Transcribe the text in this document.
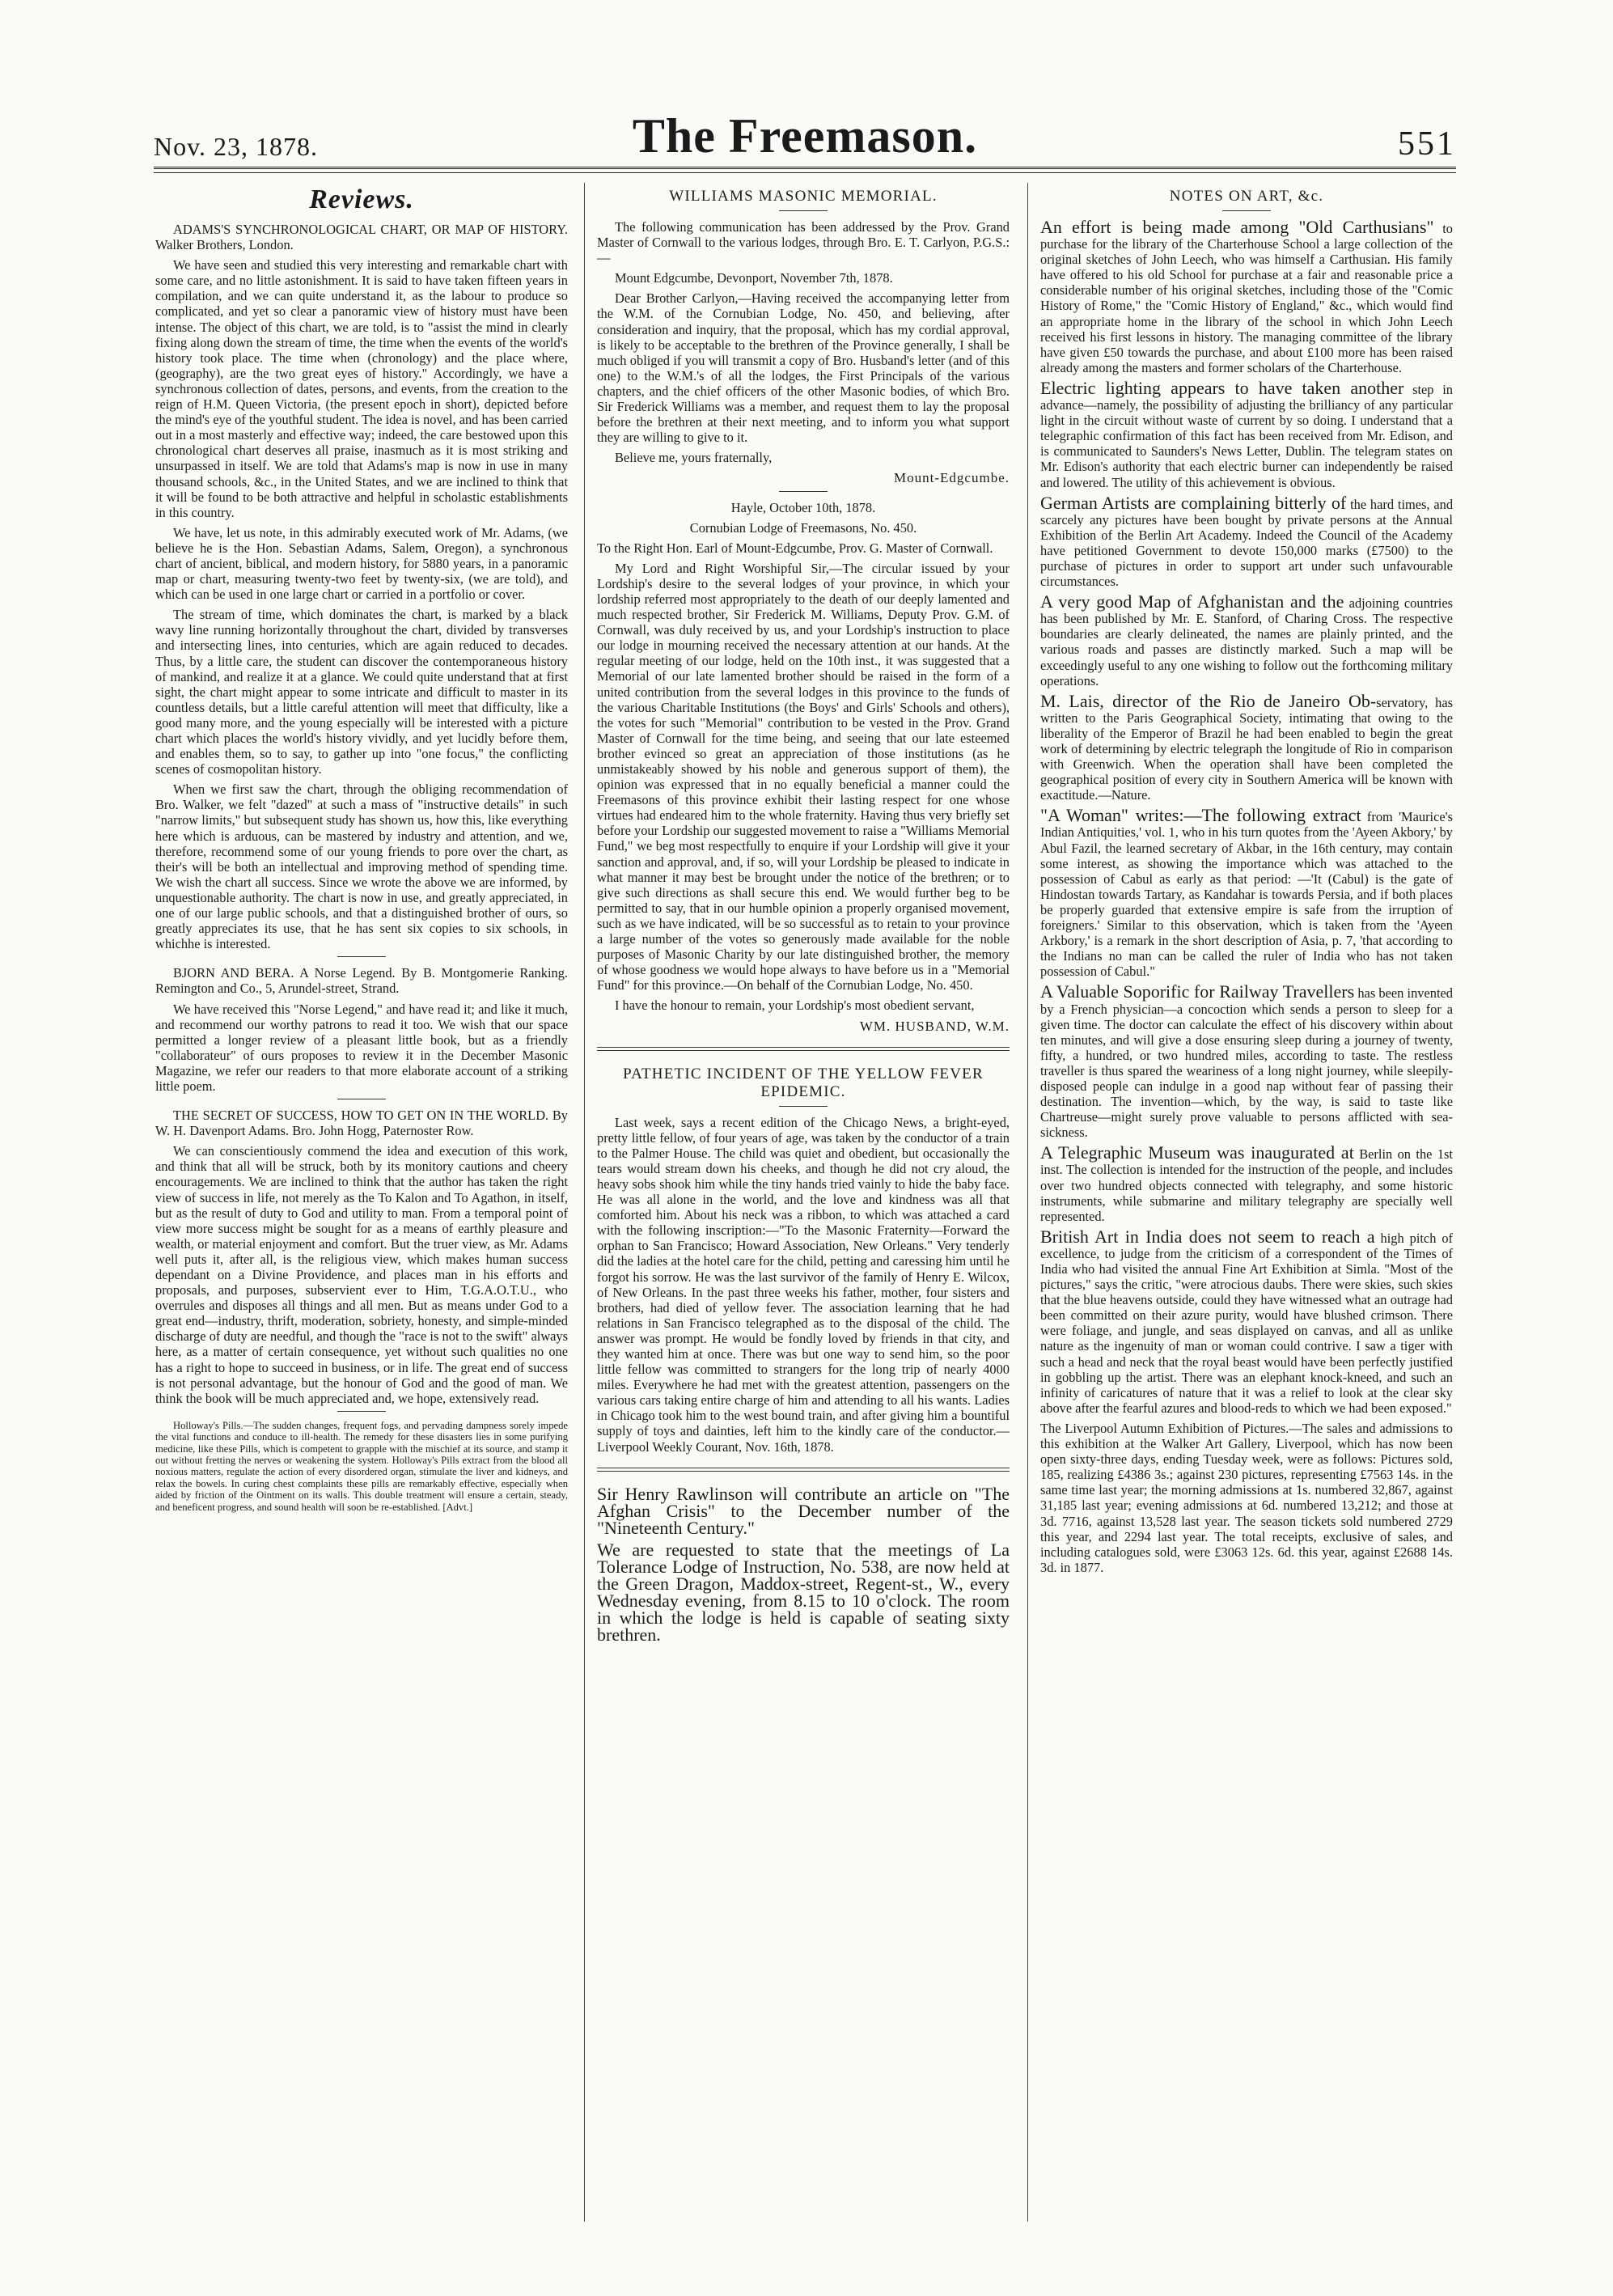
Nov. 23, 1878.	The Freemason.	551
Reviews.

ADAMS'S SYNCHRONOLOGICAL CHART, OR MAP OF HISTORY. Walker Brothers, London.

We have seen and studied this very interesting and remarkable chart with some care, and no little astonishment. It is said to have taken fifteen years in compilation, and we can quite understand it, as the labour to produce so complicated, and yet so clear a panoramic view of history must have been intense. The object of this chart, we are told, is to "assist the mind in clearly fixing along down the stream of time, the time when the events of the world's history took place. The time when (chronology) and the place where, (geography), are the two great eyes of history." Accordingly, we have a synchronous collection of dates, persons, and events, from the creation to the reign of H.M. Queen Victoria, (the present epoch in short), depicted before the mind's eye of the youthful student. The idea is novel, and has been carried out in a most masterly and effective way; indeed, the care bestowed upon this chronological chart deserves all praise, inasmuch as it is most striking and unsurpassed in itself. We are told that Adams's map is now in use in many thousand schools, &c., in the United States, and we are inclined to think that it will be found to be both attractive and helpful in scholastic establishments in this country.

We have, let us note, in this admirably executed work of Mr. Adams, (we believe he is the Hon. Sebastian Adams, Salem, Oregon), a synchronous chart of ancient, biblical, and modern history, for 5880 years, in a panoramic map or chart, measuring twenty-two feet by twenty-six, (we are told), and which can be used in one large chart or carried in a portfolio or cover.

The stream of time, which dominates the chart, is marked by a black wavy line running horizontally throughout the chart, divided by transverses and intersecting lines, into centuries, which are again reduced to decades. Thus, by a little care, the student can discover the contemporaneous history of mankind, and realize it at a glance. We could quite understand that at first sight, the chart might appear to some intricate and difficult to master in its countless details, but a little careful attention will meet that difficulty, like a good many more, and the young especially will be interested with a picture chart which places the world's history vividly, and yet lucidly before them, and enables them, so to say, to gather up into "one focus," the conflicting scenes of cosmopolitan history.

When we first saw the chart, through the obliging recommendation of Bro. Walker, we felt "dazed" at such a mass of "instructive details" in such "narrow limits," but subsequent study has shown us, how this, like everything here which is arduous, can be mastered by industry and attention, and we, therefore, recommend some of our young friends to pore over the chart, as their's will be both an intellectual and improving method of spending time. We wish the chart all success. Since we wrote the above we are informed, by unquestionable authority. The chart is now in use, and greatly appreciated, in one of our large public schools, and that a distinguished brother of ours, so greatly appreciates its use, that he has sent six copies to six schools, in whichhe is interested.

BJORN AND BERA. A Norse Legend. By B. Montgomerie Ranking. Remington and Co., 5, Arundel-street, Strand.

We have received this "Norse Legend," and have read it; and like it much, and recommend our worthy patrons to read it too. We wish that our space permitted a longer review of a pleasant little book, but as a friendly "collaborateur" of ours proposes to review it in the December Masonic Magazine, we refer our readers to that more elaborate account of a striking little poem.

THE SECRET OF SUCCESS, HOW TO GET ON IN THE WORLD. By W. H. Davenport Adams. Bro. John Hogg, Paternoster Row.

We can conscientiously commend the idea and execution of this work, and think that all will be struck, both by its monitory cautions and cheery encouragements. We are inclined to think that the author has taken the right view of success in life, not merely as the To Kalon and To Agathon, in itself, but as the result of duty to God and utility to man. From a temporal point of view more success might be sought for as a means of earthly pleasure and wealth, or material enjoyment and comfort. But the truer view, as Mr. Adams well puts it, after all, is the religious view, which makes human success dependant on a Divine Providence, and places man in his efforts and proposals, and purposes, subservient ever to Him, T.G.A.O.T.U., who overrules and disposes all things and all men. But as means under God to a great end—industry, thrift, moderation, sobriety, honesty, and simple-minded discharge of duty are needful, and though the "race is not to the swift" always here, as a matter of certain consequence, yet without such qualities no one has a right to hope to succeed in business, or in life. The great end of success is not personal advantage, but the honour of God and the good of man. We think the book will be much appreciated and, we hope, extensively read.

Holloway's Pills.—The sudden changes, frequent fogs, and pervading dampness sorely impede the vital functions and conduce to ill-health. The remedy for these disasters lies in some purifying medicine, like these Pills, which is competent to grapple with the mischief at its source, and stamp it out without fretting the nerves or weakening the system. Holloway's Pills extract from the blood all noxious matters, regulate the action of every disordered organ, stimulate the liver and kidneys, and relax the bowels. In curing chest complaints these pills are remarkably effective, especially when aided by friction of the Ointment on its walls. This double treatment will ensure a certain, steady, and beneficent progress, and sound health will soon be re-established. [Advt.]

WILLIAMS MASONIC MEMORIAL.

The following communication has been addressed by the Prov. Grand Master of Cornwall to the various lodges, through Bro. E. T. Carlyon, P.G.S.:—

Mount Edgcumbe, Devonport, November 7th, 1878.

Dear Brother Carlyon,—Having received the accompanying letter from the W.M. of the Cornubian Lodge, No. 450, and believing, after consideration and inquiry, that the proposal, which has my cordial approval, is likely to be acceptable to the brethren of the Province generally, I shall be much obliged if you will transmit a copy of Bro. Husband's letter (and of this one) to the W.M.'s of all the lodges, the First Principals of the various chapters, and the chief officers of the other Masonic bodies, of which Bro. Sir Frederick Williams was a member, and request them to lay the proposal before the brethren at their next meeting, and to inform you what support they are willing to give to it.

Believe me, yours fraternally,

Mount-Edgcumbe.

Hayle, October 10th, 1878.

Cornubian Lodge of Freemasons, No. 450.

To the Right Hon. Earl of Mount-Edgcumbe, Prov. G. Master of Cornwall.

My Lord and Right Worshipful Sir,—The circular issued by your Lordship's desire to the several lodges of your province, in which your lordship referred most appropriately to the death of our deeply lamented and much respected brother, Sir Frederick M. Williams, Deputy Prov. G.M. of Cornwall, was duly received by us, and your Lordship's instruction to place our lodge in mourning received the necessary attention at our hands. At the regular meeting of our lodge, held on the 10th inst., it was suggested that a Memorial of our late lamented brother should be raised in the form of a united contribution from the several lodges in this province to the funds of the various Charitable Institutions (the Boys' and Girls' Schools and others), the votes for such "Memorial" contribution to be vested in the Prov. Grand Master of Cornwall for the time being, and seeing that our late esteemed brother evinced so great an appreciation of those institutions (as he unmistakeably showed by his noble and generous support of them), the opinion was expressed that in no equally beneficial a manner could the Freemasons of this province exhibit their lasting respect for one whose virtues had endeared him to the whole fraternity. Having thus very briefly set before your Lordship our suggested movement to raise a "Williams Memorial Fund," we beg most respectfully to enquire if your Lordship will give it your sanction and approval, and, if so, will your Lordship be pleased to indicate in what manner it may best be brought under the notice of the brethren; or to give such directions as shall secure this end. We would further beg to be permitted to say, that in our humble opinion a properly organised movement, such as we have indicated, will be so successful as to retain to your province a large number of the votes so generously made available for the noble purposes of Masonic Charity by our late distinguished brother, the memory of whose goodness we would hope always to have before us in a "Memorial Fund" for this province.—On behalf of the Cornubian Lodge, No. 450.

I have the honour to remain, your Lordship's most obedient servant,

WM. HUSBAND, W.M.

PATHETIC INCIDENT OF THE YELLOW FEVER EPIDEMIC.

Last week, says a recent edition of the Chicago News, a bright-eyed, pretty little fellow, of four years of age, was taken by the conductor of a train to the Palmer House. The child was quiet and obedient, but occasionally the tears would stream down his cheeks, and though he did not cry aloud, the heavy sobs shook him while the tiny hands tried vainly to hide the baby face. He was all alone in the world, and the love and kindness was all that comforted him. About his neck was a ribbon, to which was attached a card with the following inscription:—"To the Masonic Fraternity—Forward the orphan to San Francisco; Howard Association, New Orleans." Very tenderly did the ladies at the hotel care for the child, petting and caressing him until he forgot his sorrow. He was the last survivor of the family of Henry E. Wilcox, of New Orleans. In the past three weeks his father, mother, four sisters and brothers, had died of yellow fever. The association learning that he had relations in San Francisco telegraphed as to the disposal of the child. The answer was prompt. He would be fondly loved by friends in that city, and they wanted him at once. There was but one way to send him, so the poor little fellow was committed to strangers for the long trip of nearly 4000 miles. Everywhere he had met with the greatest attention, passengers on the various cars taking entire charge of him and attending to all his wants. Ladies in Chicago took him to the west bound train, and after giving him a bountiful supply of toys and dainties, left him to the kindly care of the conductor.—Liverpool Weekly Courant, Nov. 16th, 1878.

Sir Henry Rawlinson will contribute an article on "The Afghan Crisis" to the December number of the "Nineteenth Century."

We are requested to state that the meetings of La Tolerance Lodge of Instruction, No. 538, are now held at the Green Dragon, Maddox-street, Regent-st., W., every Wednesday evening, from 8.15 to 10 o'clock. The room in which the lodge is held is capable of seating sixty brethren.

NOTES ON ART, &c.

An effort is being made among "Old Carthusians" to purchase for the library of the Charterhouse School a large collection of the original sketches of John Leech, who was himself a Carthusian. His family have offered to his old School for purchase at a fair and reasonable price a considerable number of his original sketches, including those of the "Comic History of Rome," the "Comic History of England," &c., which would find an appropriate home in the library of the school in which John Leech received his first lessons in history. The managing committee of the library have given £50 towards the purchase, and about £100 more has been raised already among the masters and former scholars of the Charterhouse.

Electric lighting appears to have taken another step in advance—namely, the possibility of adjusting the brilliancy of any particular light in the circuit without waste of current by so doing. I understand that a telegraphic confirmation of this fact has been received from Mr. Edison, and is communicated to Saunders's News Letter, Dublin. The telegram states on Mr. Edison's authority that each electric burner can independently be raised and lowered. The utility of this achievement is obvious.

German Artists are complaining bitterly of the hard times, and scarcely any pictures have been bought by private persons at the Annual Exhibition of the Berlin Art Academy. Indeed the Council of the Academy have petitioned Government to devote 150,000 marks (£7500) to the purchase of pictures in order to support art under such unfavourable circumstances.

A very good Map of Afghanistan and the adjoining countries has been published by Mr. E. Stanford, of Charing Cross. The respective boundaries are clearly delineated, the names are plainly printed, and the various roads and passes are distinctly marked. Such a map will be exceedingly useful to any one wishing to follow out the forthcoming military operations.

M. Lais, director of the Rio de Janeiro Ob-servatory, has written to the Paris Geographical Society, intimating that owing to the liberality of the Emperor of Brazil he had been enabled to begin the great work of determining by electric telegraph the longitude of Rio in comparison with Greenwich. When the operation shall have been completed the geographical position of every city in Southern America will be known with exactitude.—Nature.

"A Woman" writes:—The following extract from 'Maurice's Indian Antiquities,' vol. 1, who in his turn quotes from the 'Ayeen Akbory,' by Abul Fazil, the learned secretary of Akbar, in the 16th century, may contain some interest, as showing the importance which was attached to the possession of Cabul as early as that period: —'It (Cabul) is the gate of Hindostan towards Tartary, as Kandahar is towards Persia, and if both places be properly guarded that extensive empire is safe from the irruption of foreigners.' Similar to this observation, which is taken from the 'Ayeen Arkbory,' is a remark in the short description of Asia, p. 7, 'that according to the Indians no man can be called the ruler of India who has not taken possession of Cabul."

A Valuable Soporific for Railway Travellers has been invented by a French physician—a concoction which sends a person to sleep for a given time. The doctor can calculate the effect of his discovery within about ten minutes, and will give a dose ensuring sleep during a journey of twenty, fifty, a hundred, or two hundred miles, according to taste. The restless traveller is thus spared the weariness of a long night journey, while sleepily-disposed people can indulge in a good nap without fear of passing their destination. The invention—which, by the way, is said to taste like Chartreuse—might surely prove valuable to persons afflicted with sea-sickness.

A Telegraphic Museum was inaugurated at Berlin on the 1st inst. The collection is intended for the instruction of the people, and includes over two hundred objects connected with telegraphy, and some historic instruments, while submarine and military telegraphy are specially well represented.

British Art in India does not seem to reach a high pitch of excellence, to judge from the criticism of a correspondent of the Times of India who had visited the annual Fine Art Exhibition at Simla. "Most of the pictures," says the critic, "were atrocious daubs. There were skies, such skies that the blue heavens outside, could they have witnessed what an outrage had been committed on their azure purity, would have blushed crimson. There were foliage, and jungle, and seas displayed on canvas, and all as unlike nature as the ingenuity of man or woman could contrive. I saw a tiger with such a head and neck that the royal beast would have been perfectly justified in gobbling up the artist. There was an elephant knock-kneed, and such an infinity of caricatures of nature that it was a relief to look at the clear sky above after the fearful azures and blood-reds to which we had been exposed."

The Liverpool Autumn Exhibition of Pictures.—The sales and admissions to this exhibition at the Walker Art Gallery, Liverpool, which has now been open sixty-three days, ending Tuesday week, were as follows: Pictures sold, 185, realizing £4386 3s.; against 230 pictures, representing £7563 14s. in the same time last year; the morning admissions at 1s. numbered 32,867, against 31,185 last year; evening admissions at 6d. numbered 13,212; and those at 3d. 7716, against 13,528 last year. The season tickets sold numbered 2729 this year, and 2294 last year. The total receipts, exclusive of sales, and including catalogues sold, were £3063 12s. 6d. this year, against £2688 14s. 3d. in 1877.
